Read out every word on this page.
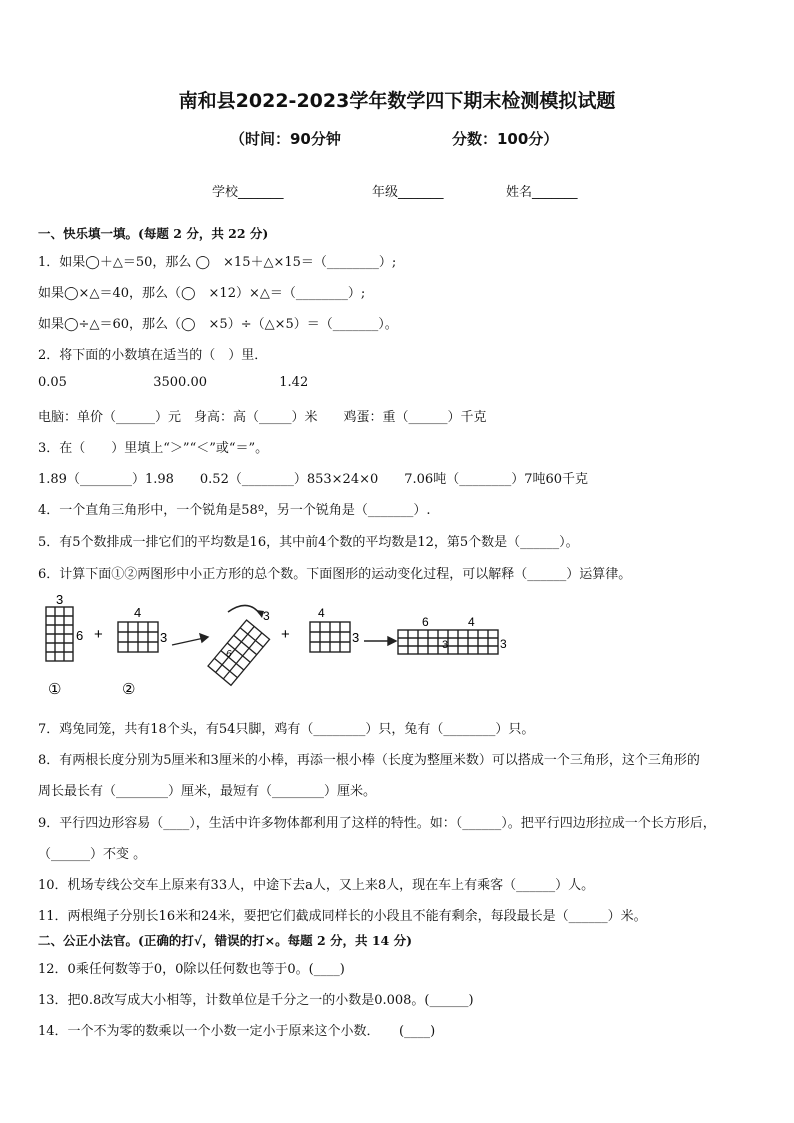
南和县2022-2023学年数学四下期末检测模拟试题
（时间：90分钟	分数：100分）
学校_______	年级_______	姓名_______
一、快乐填一填。(每题 2 分，共 22 分)
1．如果◯＋△＝50，那么 ◯　×15＋△×15＝（________）;
如果◯×△＝40，那么（◯　×12）×△＝（________）;
如果◯÷△＝60，那么（◯　×5）÷（△×5）＝（_______）。
2．将下面的小数填在适当的（　）里．
0.05	3500.00	1.42
电脑：单价（______）元　身高：高（_____）米　　鸡蛋：重（______）千克
3．在（　　）里填上“＞”“＜”或“＝”。
1.89（________）1.98　　0.52（________）853×24×0　　7.06吨（________）7吨60千克
4．一个直角三角形中，一个锐角是58º，另一个锐角是（_______）.
5．有5个数排成一排它们的平均数是16，其中前4个数的平均数是12，第5个数是（______）。
6．计算下面①②两图形中小正方形的总个数。下面图形的运动变化过程，可以解释（______）运算律。
3
6 +
4
3
3
6
+
4
3
6	4
3	3
①	②
7．鸡兔同笼，共有18个头，有54只脚，鸡有（________）只，兔有（________）只。
8．有两根长度分别为5厘米和3厘米的小棒，再添一根小棒（长度为整厘米数）可以搭成一个三角形，这个三角形的
周长最长有（________）厘米，最短有（________）厘米。
9．平行四边形容易（____），生活中许多物体都利用了这样的特性。如：（______）。把平行四边形拉成一个长方形后，
（______）不变 。
10．机场专线公交车上原来有33人，中途下去a人，又上来8人，现在车上有乘客（______）人。
11．两根绳子分别长16米和24米，要把它们截成同样长的小段且不能有剩余，每段最长是（______）米。
二、公正小法官。(正确的打√，错误的打×。每题 2 分，共 14 分)
12．0乘任何数等于0，0除以任何数也等于0。(____)
13．把0.8改写成大小相等，计数单位是千分之一的小数是0.008。(______)
14．一个不为零的数乘以一个小数一定小于原来这个小数．　　(____)
